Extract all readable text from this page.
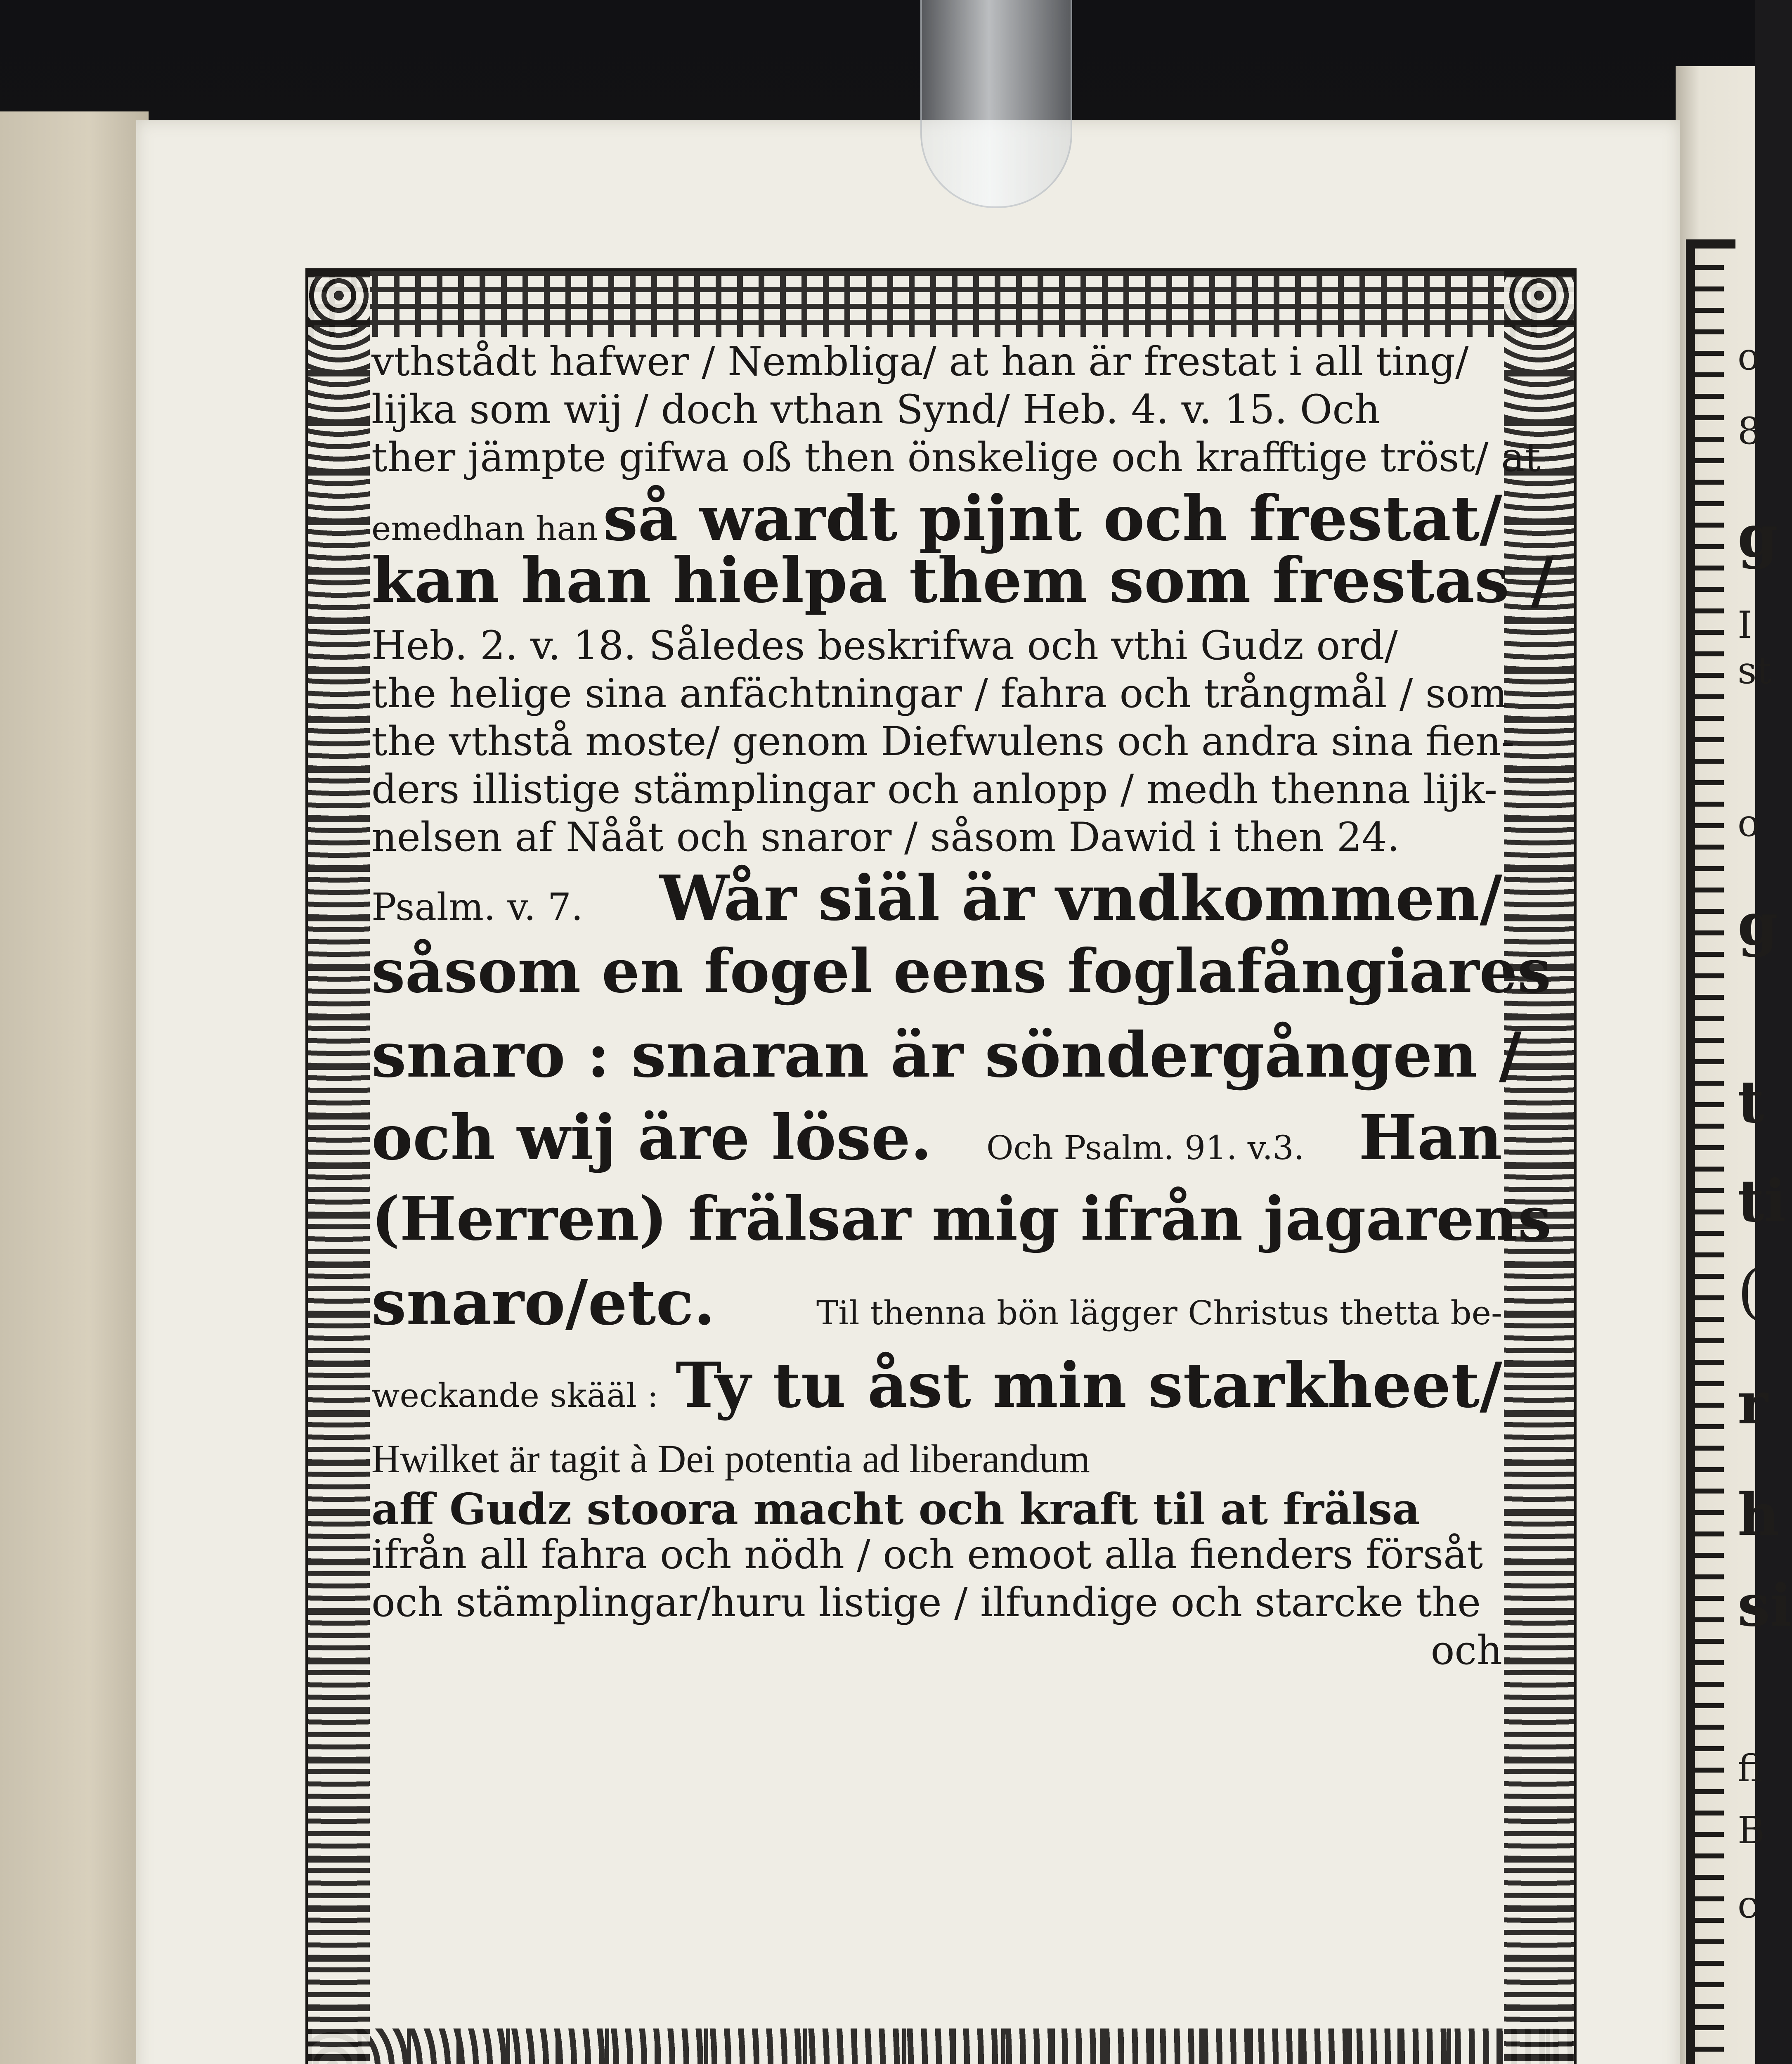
o
8
g
I
st
o
g
t
ti
(
r
h
si
fi
B
c
vthstådt hafwer / Nembliga/ at han är frestat i all ting/
lijka som wij / doch vthan Synd/ Heb. 4. v. 15. Och
ther jämpte gifwa oß then önskelige och krafftige tröst/ at
emedhan han så wardt pijnt och frestat/
kan han hielpa them som frestas /
Heb. 2. v. 18. Således beskrifwa och vthi Gudz ord/
the helige sina anfächtningar / fahra och trångmål / som
the vthstå moste/ genom Diefwulens och andra sina fien-
ders illistige stämplingar och anlopp / medh thenna lijk-
nelsen af Nååt och snaror / såsom Dawid i then 24.
Psalm. v. 7. Wår siäl är vndkommen/
såsom en fogel eens foglafångiares
snaro : snaran är söndergången /
och wij äre löse. Och Psalm. 91. v.3. Han
(Herren) frälsar mig ifrån jagarens
snaro/etc.	Til thenna bön lägger Christus thetta be-
weckande skääl : Ty tu åst min starkheet/
Hwilket är tagit à Dei potentia ad liberandum
aff Gudz stoora macht och kraft til at frälsa
ifrån all fahra och nödh / och emoot alla fienders försåt
och stämplingar/huru listige / ilfundige och starcke the
och
